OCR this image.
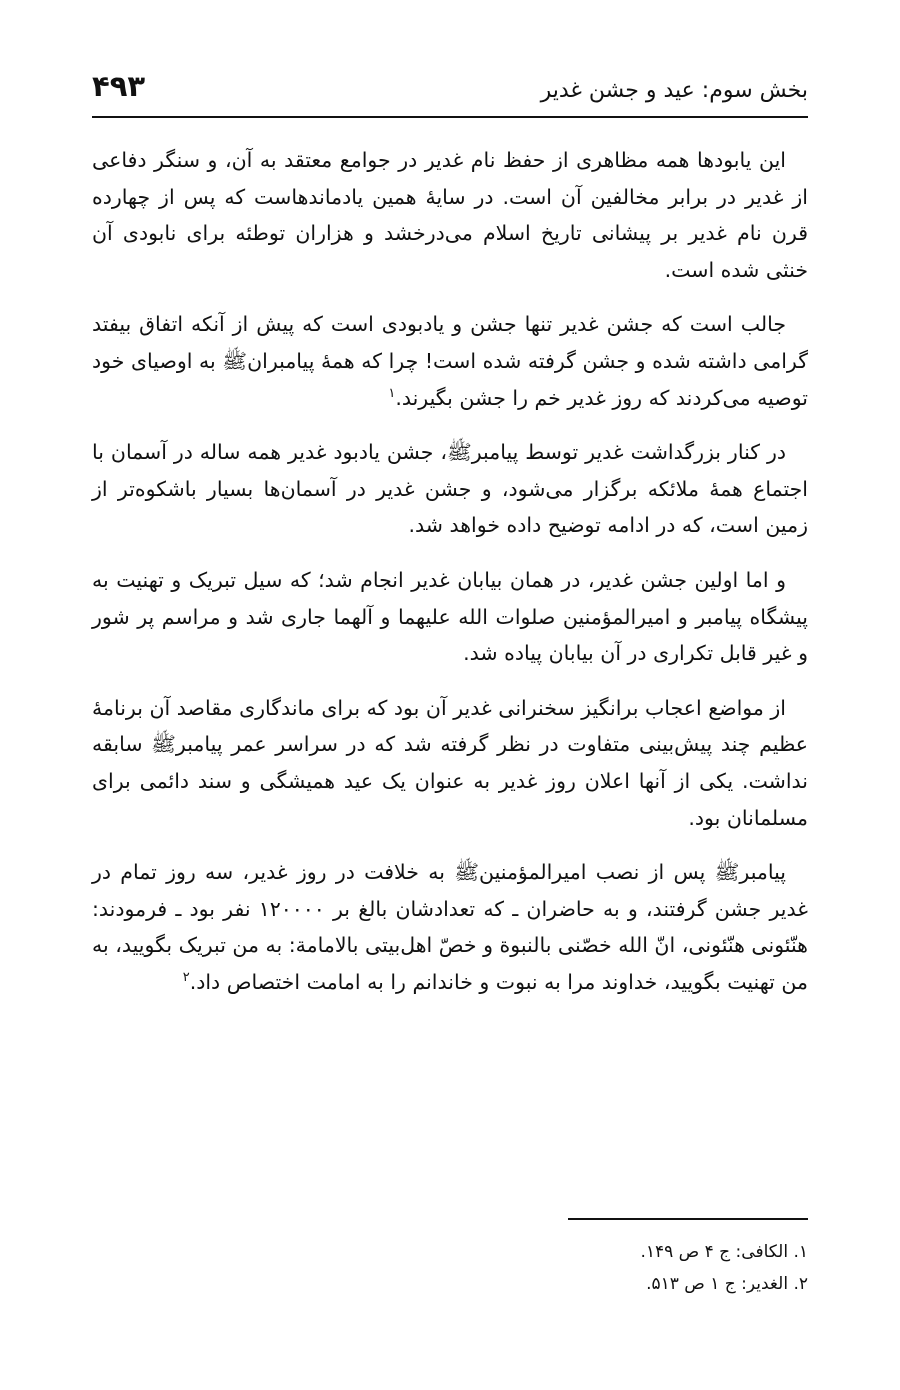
بخش سوم: عید و جشن غدیر
۴۹۳

این یابودها همه مظاهری از حفظ نام غدیر در جوامع معتقد به آن، و سنگر دفاعی از غدیر در برابر مخالفین آن است. در سایهٔ همین یادماندهاست که پس از چهارده قرن نام غدیر بر پیشانی تاریخ اسلام می‌درخشد و هزاران توطئه برای نابودی آن خنثی شده است.

جالب است که جشن غدیر تنها جشن و یادبودی است که پیش از آنکه اتفاق بیفتد گرامی داشته شده و جشن گرفته شده است! چرا که همهٔ پیامبرانﷺ به اوصیای خود توصیه می‌کردند که روز غدیر خم را جشن بگیرند.$^۱$

در کنار بزرگداشت غدیر توسط پیامبرﷺ، جشن یادبود غدیر همه ساله در آسمان با اجتماع همهٔ ملائکه برگزار می‌شود، و جشن غدیر در آسمان‌ها بسیار باشکوه‌تر از زمین است، که در ادامه توضیح داده خواهد شد.

و اما اولین جشن غدیر، در همان بیابان غدیر انجام شد؛ که سیل تبریک و تهنیت به پیشگاه پیامبر و امیرالمؤمنین صلوات الله علیهما و آلهما جاری شد و مراسم پر شور و غیر قابل تکراری در آن بیابان پیاده شد.

از مواضع اعجاب برانگیز سخنرانی غدیر آن بود که برای ماندگاری مقاصد آن برنامهٔ عظیم چند پیش‌بینی متفاوت در نظر گرفته شد که در سراسر عمر پیامبرﷺ سابقه نداشت. یکی از آنها اعلان روز غدیر به عنوان یک عید همیشگی و سند دائمی برای مسلمانان بود.

پیامبرﷺ پس از نصب امیرالمؤمنینﷺ به خلافت در روز غدیر، سه روز تمام در غدیر جشن گرفتند، و به حاضران ـ که تعدادشان بالغ بر ۱۲۰۰۰۰ نفر بود ـ فرمودند: هنّئونی هنّئونی، انّ الله خصّنی بالنبوة و خصّ اهل‌بیتی بالامامة: به من تبریک بگویید، به من تهنیت بگویید، خداوند مرا به نبوت و خاندانم را به امامت اختصاص داد.$^۲$

۱. الکافی: ج ۴ ص ۱۴۹.

۲. الغدیر: ج ۱ ص ۵۱۳.
